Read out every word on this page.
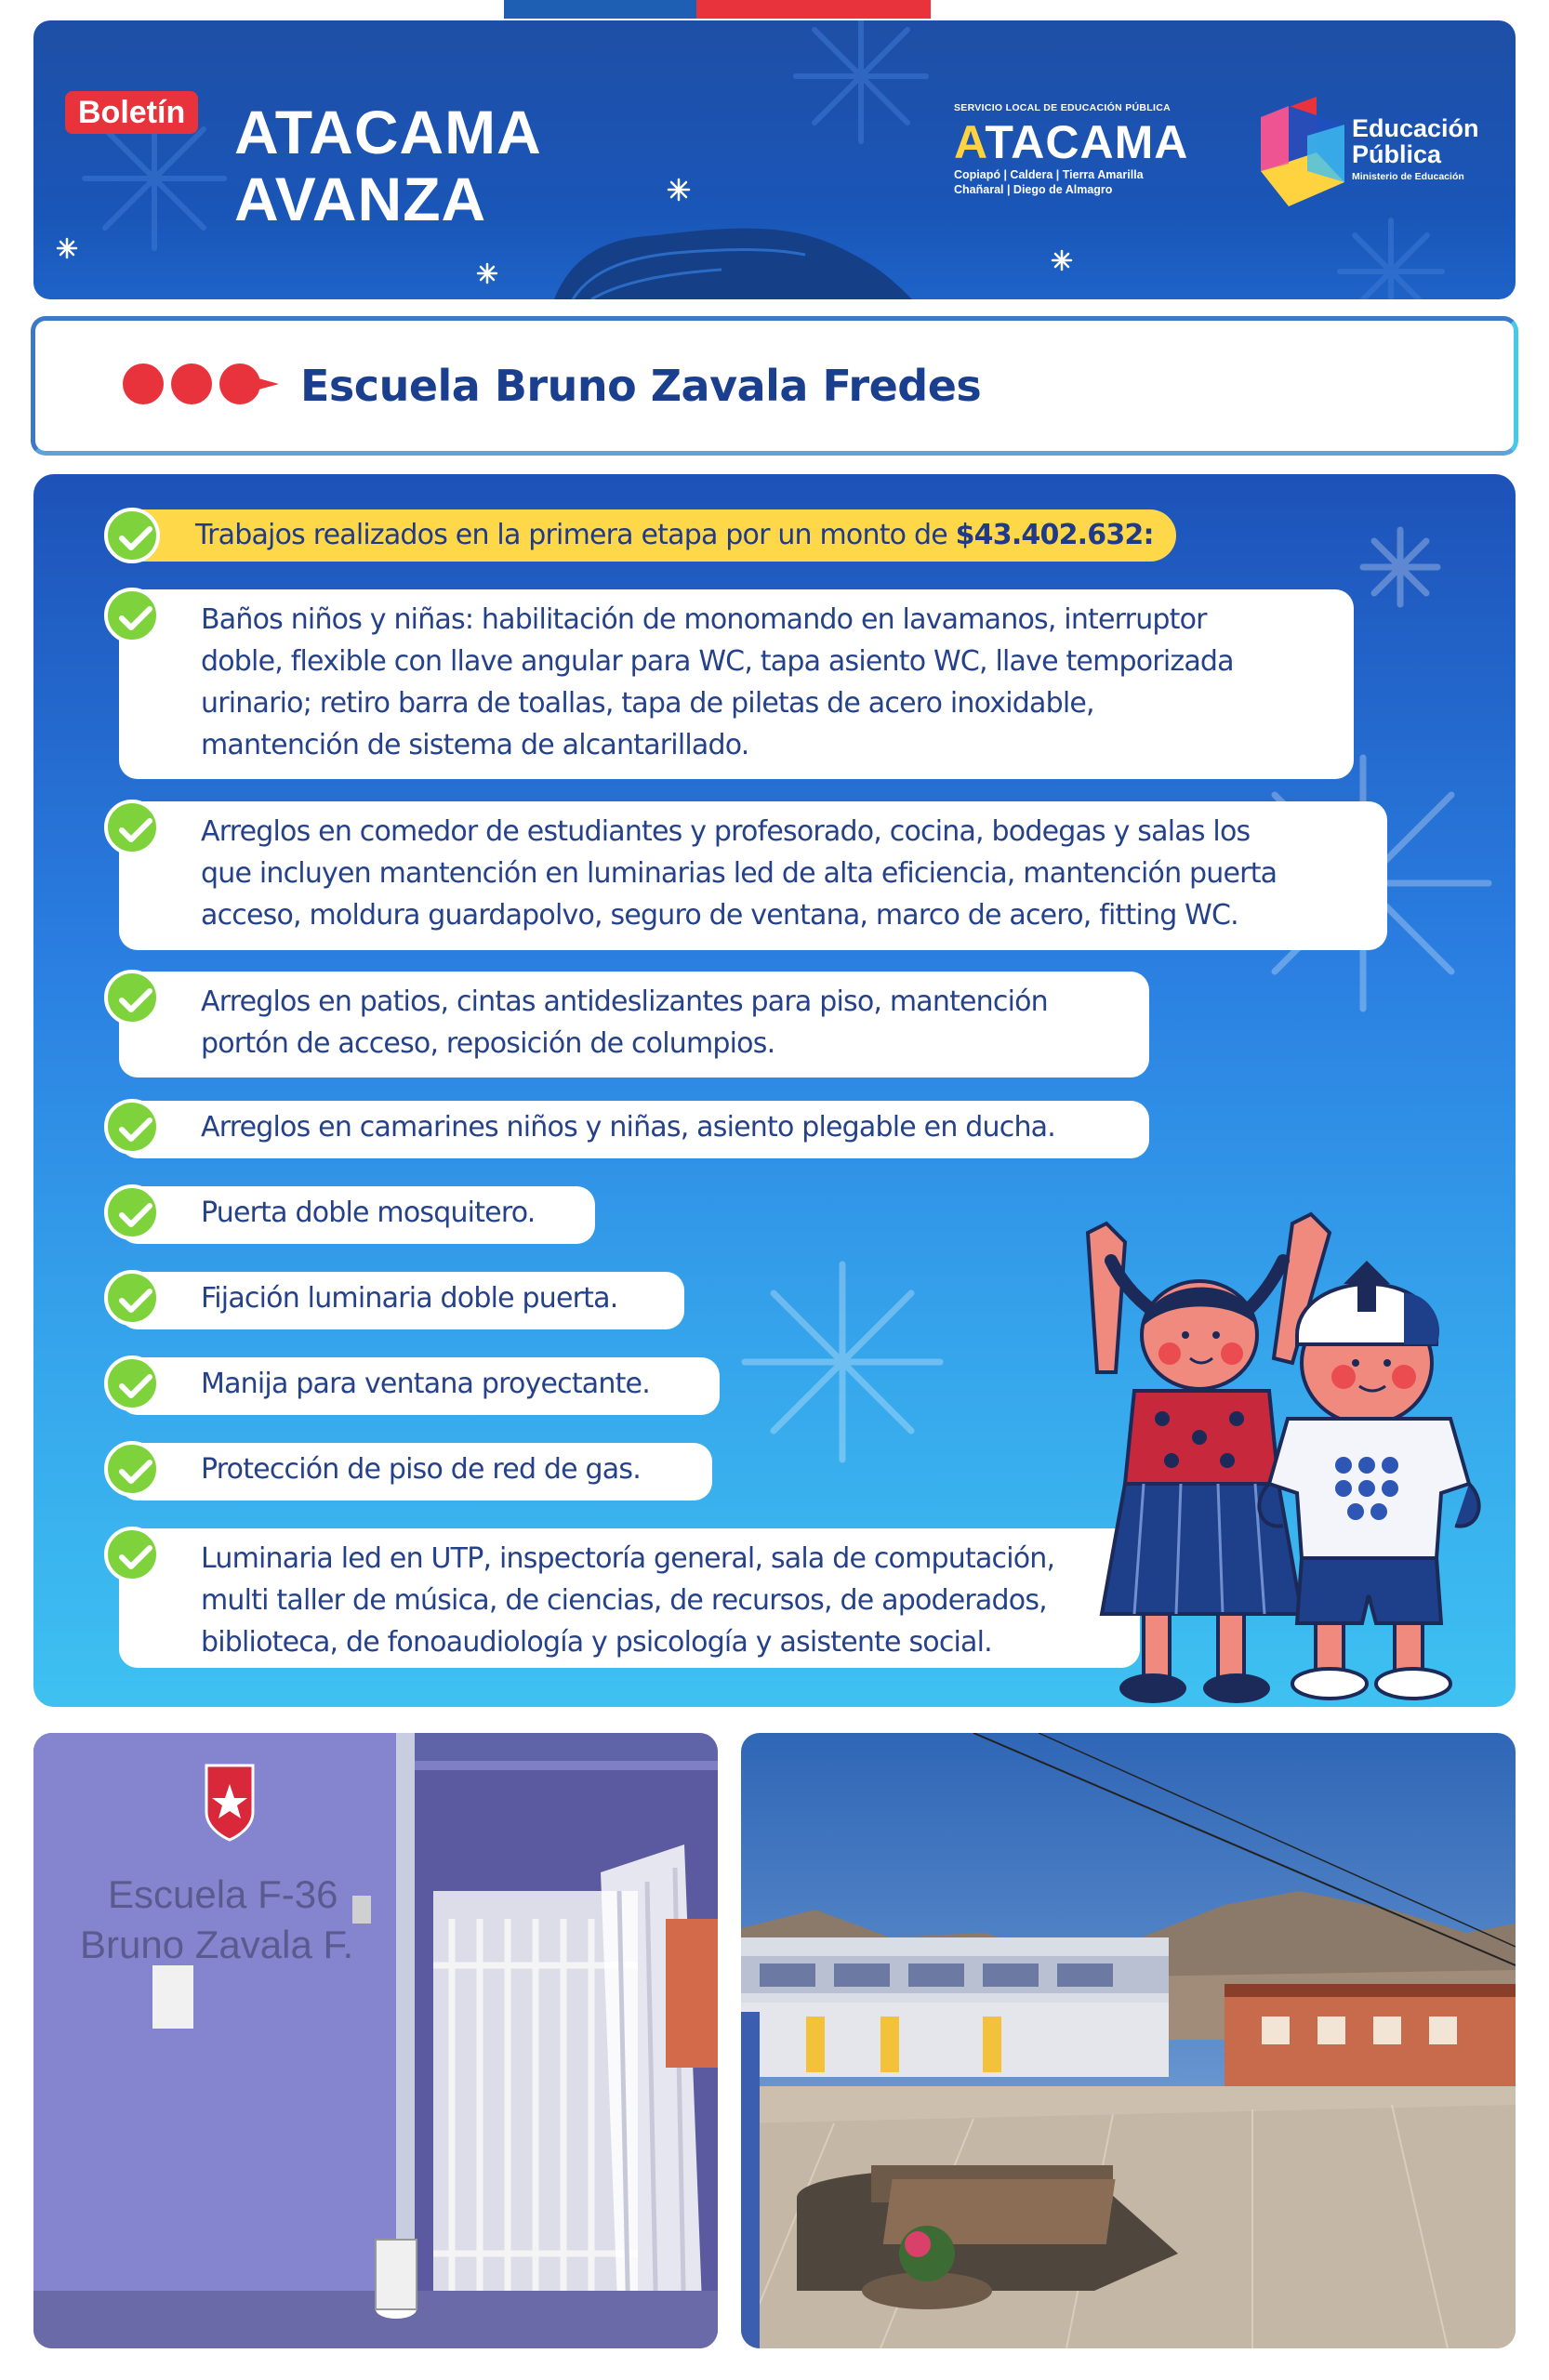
Boletín ATACAMA
AVANZA
SERVICIO LOCAL DE EDUCACIÓN PÚBLICA
ATACAMA
Copiapó | Caldera | Tierra Amarilla
Chañaral | Diego de Almagro
Educación
Pública
Ministerio de Educación
Escuela Bruno Zavala Fredes
Trabajos realizados en la primera etapa por un monto de $43.402.632:
Baños niños y niñas: habilitación de monomando en lavamanos, interruptor
doble, flexible con llave angular para WC, tapa asiento WC, llave temporizada
urinario; retiro barra de toallas, tapa de piletas de acero inoxidable,
mantención de sistema de alcantarillado.
Arreglos en comedor de estudiantes y profesorado, cocina, bodegas y salas los
que incluyen mantención en luminarias led de alta eficiencia, mantención puerta
acceso, moldura guardapolvo, seguro de ventana, marco de acero, fitting WC.
Arreglos en patios, cintas antideslizantes para piso, mantención
portón de acceso, reposición de columpios.
Arreglos en camarines niños y niñas, asiento plegable en ducha.
Puerta doble mosquitero.
Fijación luminaria doble puerta.
Manija para ventana proyectante.
Protección de piso de red de gas.
Luminaria led en UTP, inspectoría general, sala de computación,
multi taller de música, de ciencias, de recursos, de apoderados,
biblioteca, de fonoaudiología y psicología y asistente social.
Escuela F-36
Bruno Zavala F.
